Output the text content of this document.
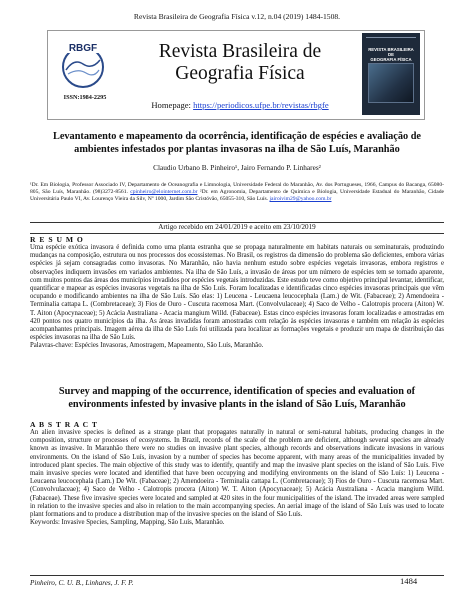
Revista Brasileira de Geografia Física v.12, n.04 (2019) 1484-1508.
RBGF
ISSN:1984-2295
Revista Brasileira de
Geografia Física
Homepage: https://periodicos.ufpe.br/revistas/rbgfe
REVISTA BRASILEIRA DE
GEOGRAFIA FÍSICA
Levantamento e mapeamento da ocorrência, identificação de espécies e avaliação de ambientes infestados por plantas invasoras na ilha de São Luís, Maranhão
Claudio Urbano B. Pinheiro¹, Jairo Fernando P. Linhares²
¹Dr. Em Biologia, Professor Associado IV, Departamento de Oceanografia e Limnologia, Universidade Federal do Maranhão, Av. dos Portugueses, 1966, Campus do Bacanga, 65080-805, São Luís, Maranhão. (98)3272-8561. cpinheiro@elointernet.com.br ²Dr. em Agronomia, Departamento de Química e Biologia, Universidade Estadual do Maranhão, Cidade Universitária Paulo VI, Av. Lourenço Vieira da Silv, Nº 1000, Jardim São Cristóvão, 65055-310, São Luís. jairoivim29@yahoo.com.br
Artigo recebido em 24/01/2019 e aceito em 23/10/2019
R E S U M O
Uma espécie exótica invasora é definida como uma planta estranha que se propaga naturalmente em habitats naturais ou seminaturais, produzindo mudanças na composição, estrutura ou nos processos dos ecossistemas. No Brasil, os registros da dimensão do problema são deficientes, embora várias espécies já sejam consagradas como invasoras. No Maranhão, não havia nenhum estudo sobre espécies vegetais invasoras, embora registros e observações indiquem invasões em variados ambientes. Na ilha de São Luís, a invasão de áreas por um número de espécies tem se tornado aparente, com muitos pontos das áreas dos municípios invadidos por espécies vegetais introduzidas. Este estudo teve como objetivo principal levantar, identificar, quantificar e mapear as espécies invasoras vegetais na ilha de São Luís. Foram localizadas e identificadas cinco espécies invasoras principais que vêm ocupando e modificando ambientes na ilha de São Luís. São elas: 1) Leucena - Leucaena leucocephala (Lam.) de Wit. (Fabaceae); 2) Amendoeira - Terminalia cattapa L. (Combretaceae); 3) Fios de Ouro - Cuscuta racemosa Mart. (Convolvulaceae); 4) Saco de Velho - Calotropis procera (Aiton) W. T. Aiton (Apocynaceae); 5) Acácia Australiana - Acacia mangium Willd. (Fabaceae). Estas cinco espécies invasoras foram localizadas e amostradas em 420 pontos nos quatro municípios da ilha. As áreas invadidas foram amostradas com relação às espécies invasoras e também em relação às espécies acompanhantes principais. Imagem aérea da ilha de São Luís foi utilizada para localizar as formações vegetais e produzir um mapa de distribuição das espécies invasoras na ilha de São Luís.
Palavras-chave: Espécies Invasoras, Amostragem, Mapeamento, São Luís, Maranhão.
Survey and mapping of the occurrence, identification of species and evaluation of environments infested by invasive plants in the island of São Luís, Maranhão
A B S T R A C T
An alien invasive species is defined as a strange plant that propagates naturally in natural or semi-natural habitats, producing changes in the composition, structure or processes of ecosystems. In Brazil, records of the scale of the problem are deficient, although several species are already known as invasive. In Maranhão there were no studies on invasive plant species, although records and observations indicate invasions in various environments. On the island of São Luís, invasion by a number of species has become apparent, with many areas of the municipalities invaded by introduced plant species. The main objective of this study was to identify, quantify and map the invasive plant species on the island of São Luís. Five main invasive species were located and identified that have been occupying and modifying environments on the island of São Luís: 1) Leucena - Leucaena leucocephala (Lam.) De Wit. (Fabaceae); 2) Amendoeira - Terminalia cattapa L. (Combretaceae); 3) Fios de Ouro - Cuscuta racemosa Mart. (Convolvulaceae); 4) Saco de Velho - Calotropis procera (Aiton) W. T. Aiton (Apocynaceae); 5) Acácia Australiana - Acacia mangium Willd. (Fabaceae). These five invasive species were located and sampled at 420 sites in the four municipalities of the island. The invaded areas were sampled in relation to the invasive species and also in relation to the main accompanying species. An aerial image of the island of São Luís was used to locate plant formations and to produce a distribution map of the invasive species on the island of São Luís.
Keywords: Invasive Species, Sampling, Mapping, São Luís, Maranhão.
Pinheiro, C. U. B., Linhares, J. F. P.	1484
